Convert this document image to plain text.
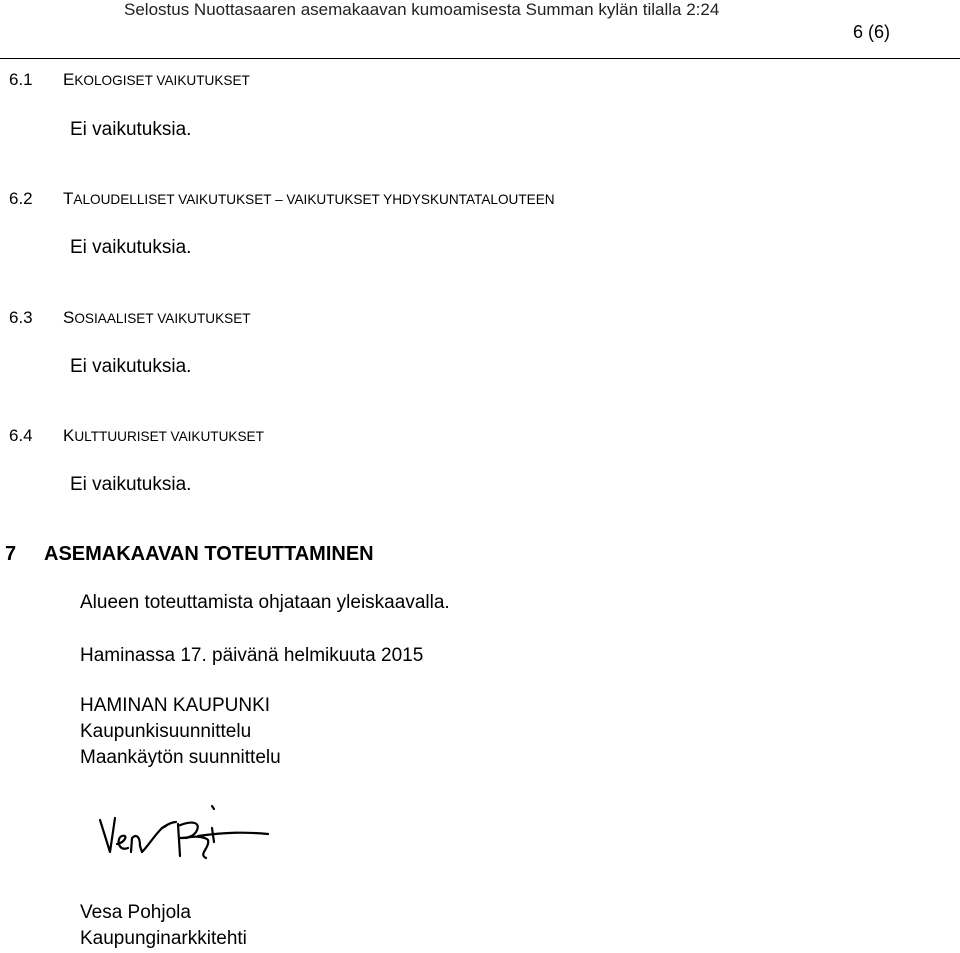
Selostus Nuottasaaren asemakaavan kumoamisesta Summan kylän tilalla 2:24
6 (6)
6.1 EKOLOGISET VAIKUTUKSET
Ei vaikutuksia.
6.2 TALOUDELLISET VAIKUTUKSET – VAIKUTUKSET YHDYSKUNTATALOUTEEN
Ei vaikutuksia.
6.3 SOSIAALISET VAIKUTUKSET
Ei vaikutuksia.
6.4 KULTTUURISET VAIKUTUKSET
Ei vaikutuksia.
7 ASEMAKAAVAN TOTEUTTAMINEN
Alueen toteuttamista ohjataan yleiskaavalla.
Haminassa 17. päivänä helmikuuta 2015
HAMINAN KAUPUNKI
Kaupunkisuunnittelu
Maankäytön suunnittelu
Vesa Pohjola
Kaupunginarkkitehti
